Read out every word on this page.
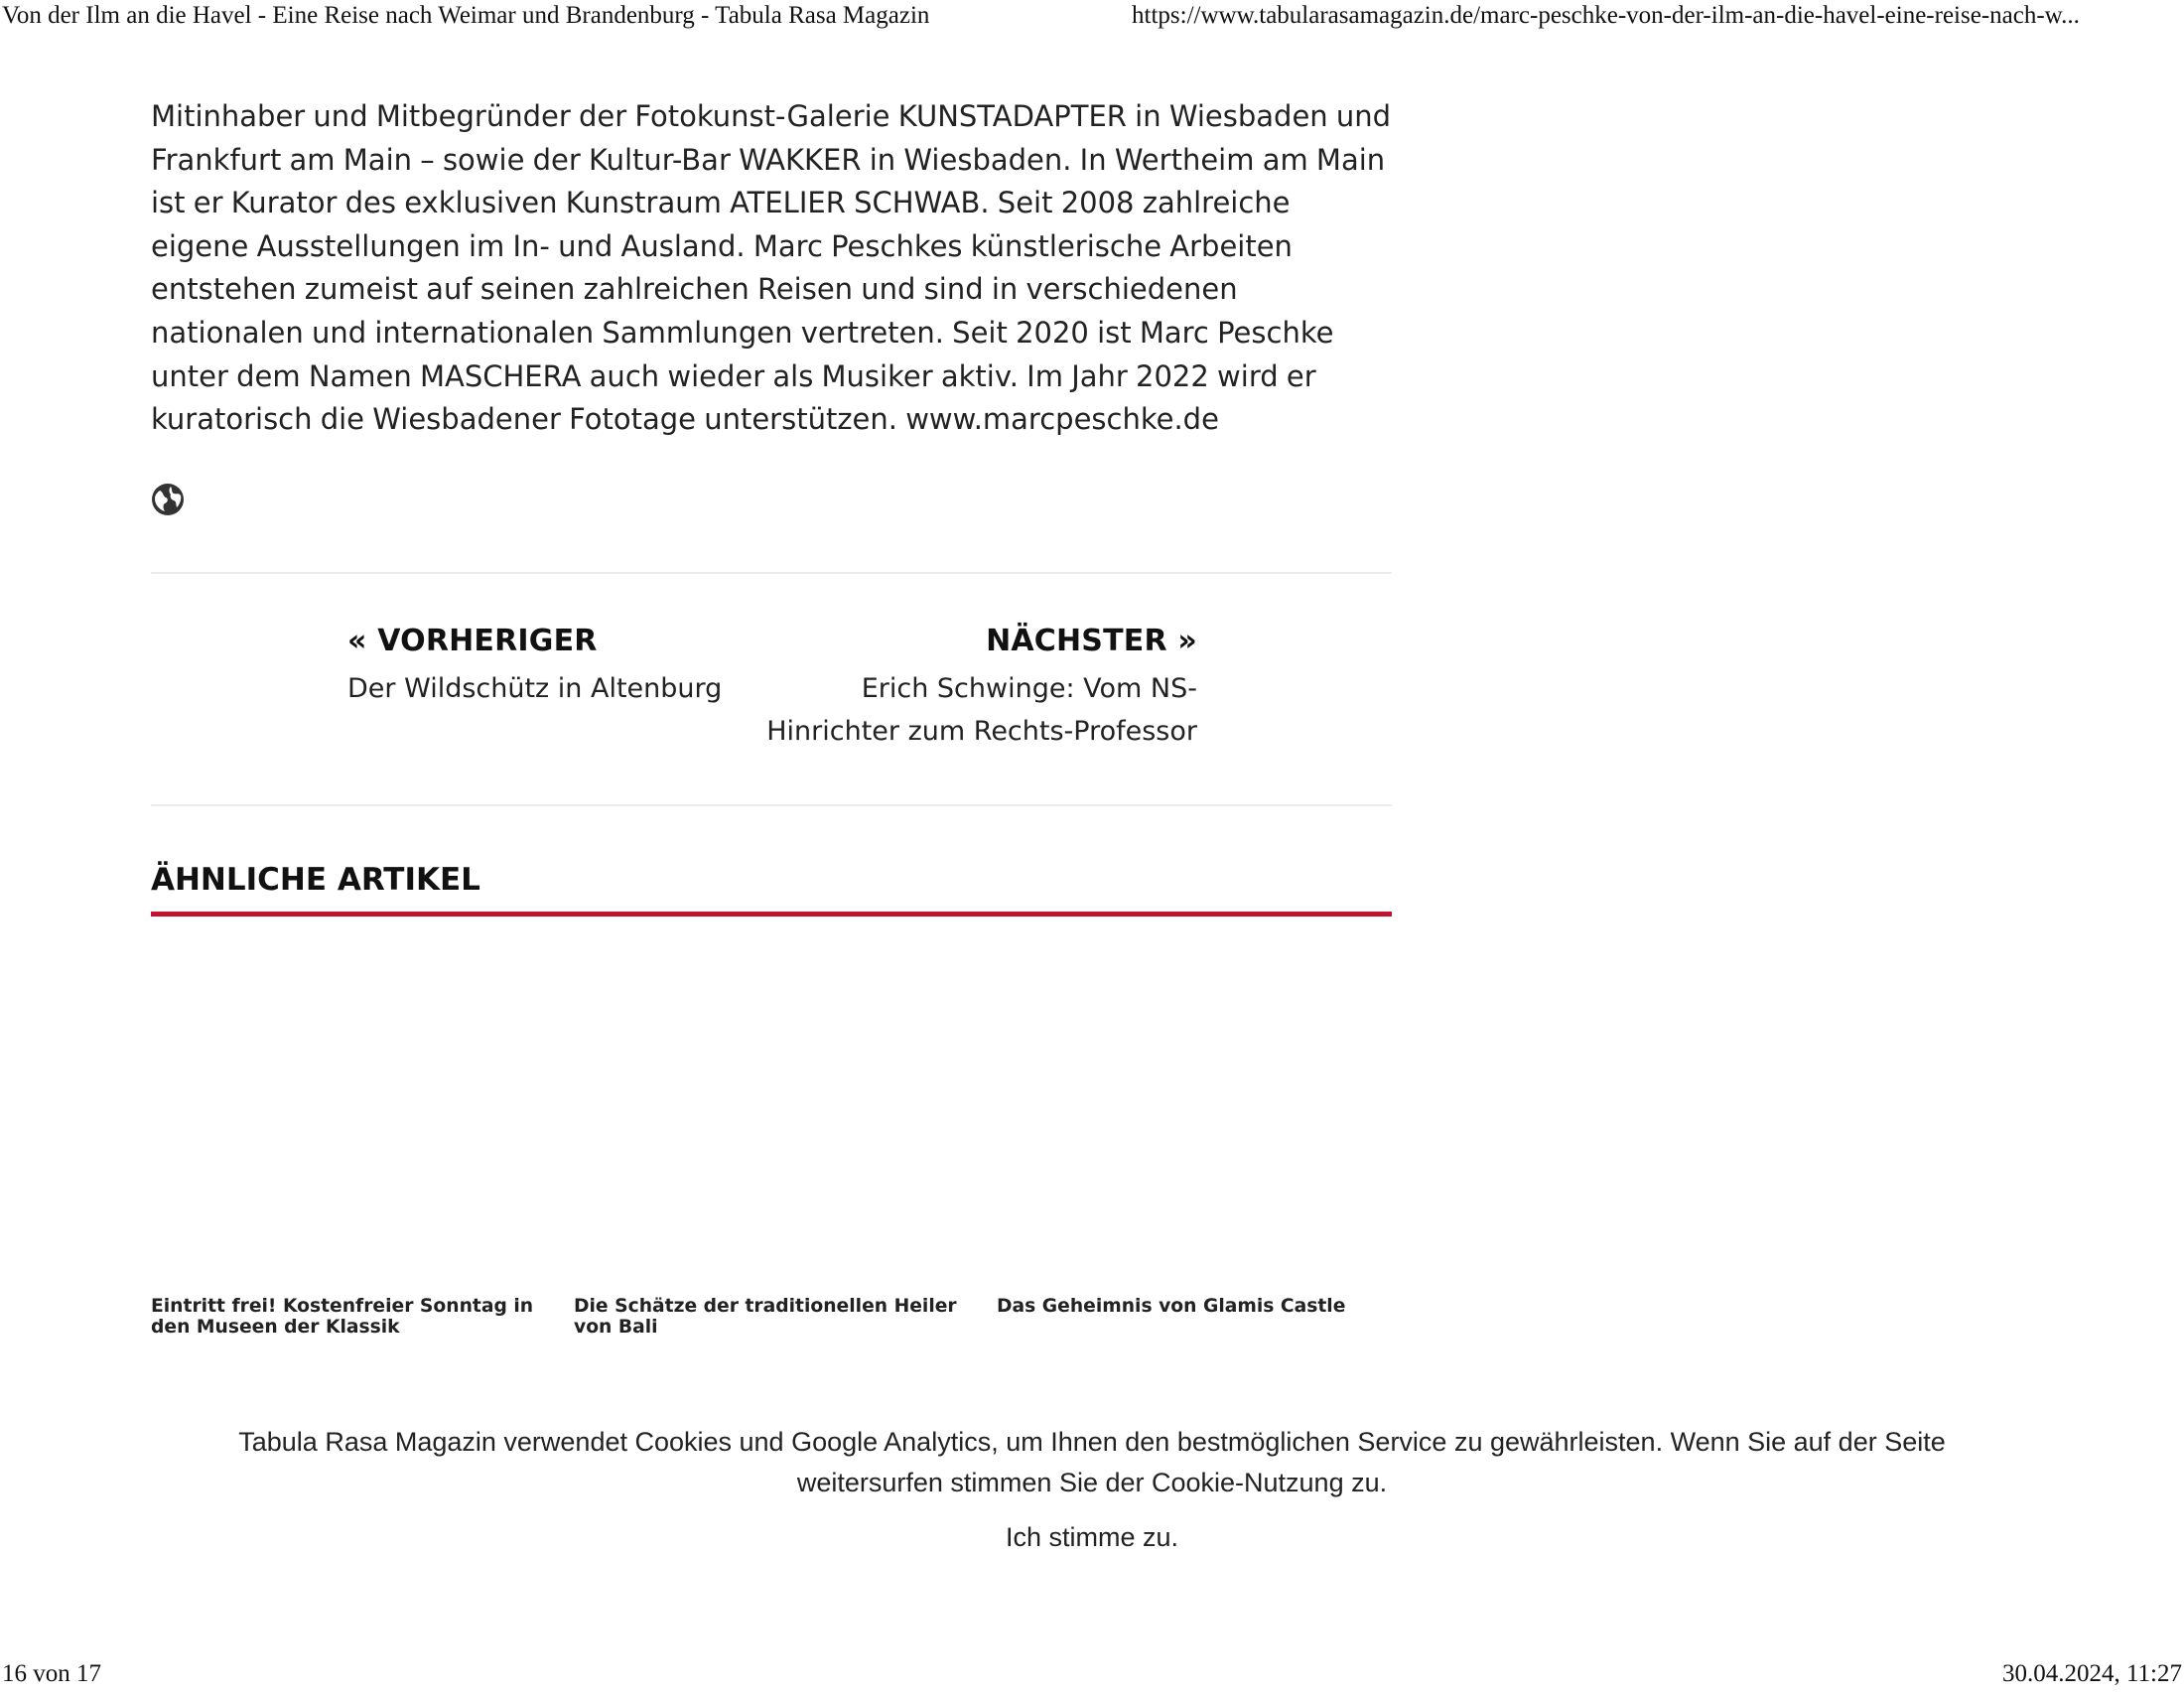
Von der Ilm an die Havel - Eine Reise nach Weimar und Brandenburg - Tabula Rasa Magazin	https://www.tabularasamagazin.de/marc-peschke-von-der-ilm-an-die-havel-eine-reise-nach-w...

Mitinhaber und Mitbegründer der Fotokunst-Galerie KUNSTADAPTER in Wiesbaden und Frankfurt am Main – sowie der Kultur-Bar WAKKER in Wiesbaden. In Wertheim am Main ist er Kurator des exklusiven Kunstraum ATELIER SCHWAB. Seit 2008 zahlreiche eigene Ausstellungen im In- und Ausland. Marc Peschkes künstlerische Arbeiten entstehen zumeist auf seinen zahlreichen Reisen und sind in verschiedenen nationalen und internationalen Sammlungen vertreten. Seit 2020 ist Marc Peschke unter dem Namen MASCHERA auch wieder als Musiker aktiv. Im Jahr 2022 wird er kuratorisch die Wiesbadener Fototage unterstützen. www.marcpeschke.de

« VORHERIGER
Der Wildschütz in Altenburg
NÄCHSTER »
Erich Schwinge: Vom NS-Hinrichter zum Rechts-Professor
ÄHNLICHE ARTIKEL
Eintritt frei! Kostenfreier Sonntag in den Museen der Klassik
Die Schätze der traditionellen Heiler von Bali
Das Geheimnis von Glamis Castle
Tabula Rasa Magazin verwendet Cookies und Google Analytics, um Ihnen den bestmöglichen Service zu gewährleisten. Wenn Sie auf der Seite weitersurfen stimmen Sie der Cookie-Nutzung zu.
Ich stimme zu.
16 von 17	30.04.2024, 11:27
